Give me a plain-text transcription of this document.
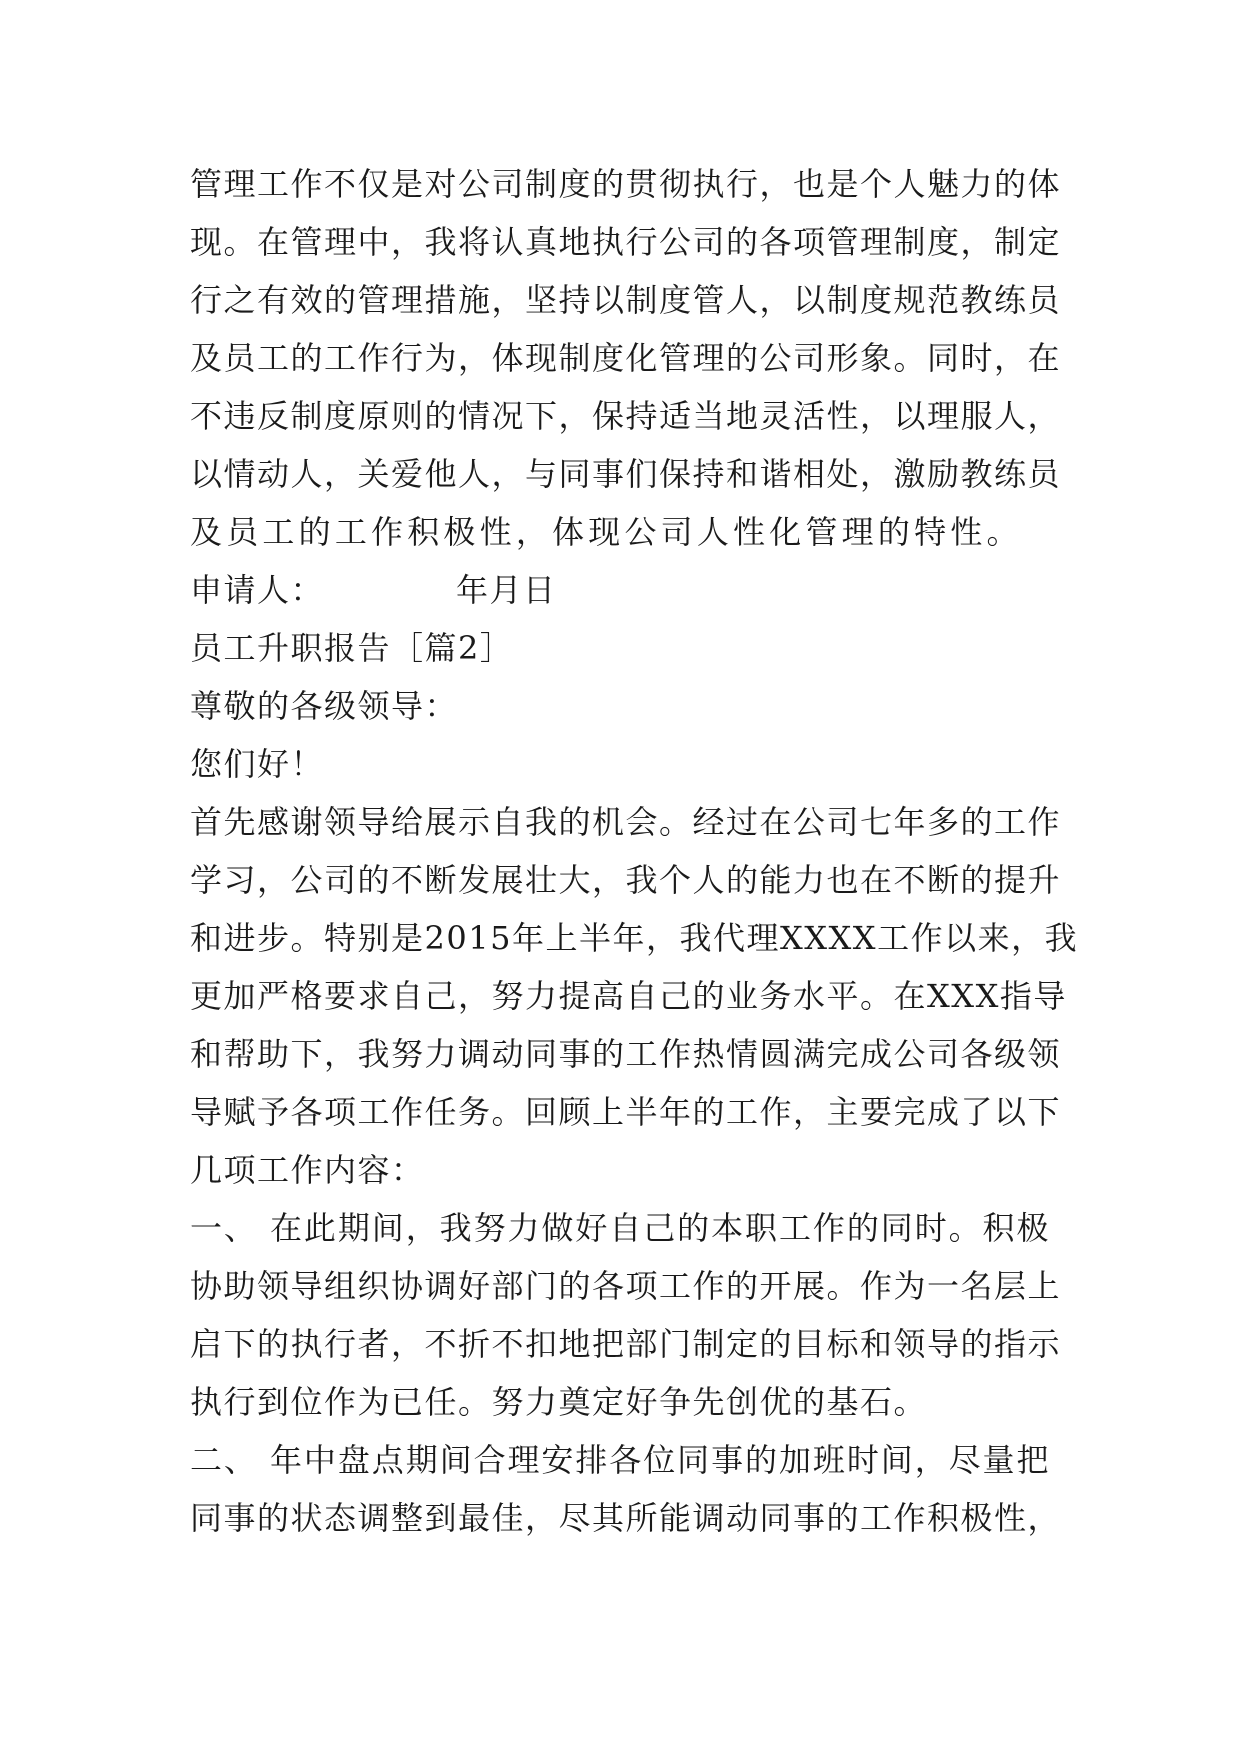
管理工作不仅是对公司制度的贯彻执行，也是个人魅力的体
现。在管理中，我将认真地执行公司的各项管理制度，制定
行之有效的管理措施，坚持以制度管人，以制度规范教练员
及员工的工作行为，体现制度化管理的公司形象。同时，在
不违反制度原则的情况下，保持适当地灵活性，以理服人，
以情动人，关爱他人，与同事们保持和谐相处，激励教练员
及员工的工作积极性，体现公司人性化管理的特性。
申请人：	年月日
员工升职报告［篇2］
尊敬的各级领导：
您们好！
首先感谢领导给展示自我的机会。经过在公司七年多的工作
学习，公司的不断发展壮大，我个人的能力也在不断的提升
和进步。特别是2015年上半年，我代理XXXX工作以来，我
更加严格要求自己，努力提高自己的业务水平。在XXX指导
和帮助下，我努力调动同事的工作热情圆满完成公司各级领
导赋予各项工作任务。回顾上半年的工作，主要完成了以下
几项工作内容：
一、 在此期间，我努力做好自己的本职工作的同时。积极
协助领导组织协调好部门的各项工作的开展。作为一名层上
启下的执行者，不折不扣地把部门制定的目标和领导的指示
执行到位作为已任。努力奠定好争先创优的基石。
二、 年中盘点期间合理安排各位同事的加班时间，尽量把
同事的状态调整到最佳，尽其所能调动同事的工作积极性，
